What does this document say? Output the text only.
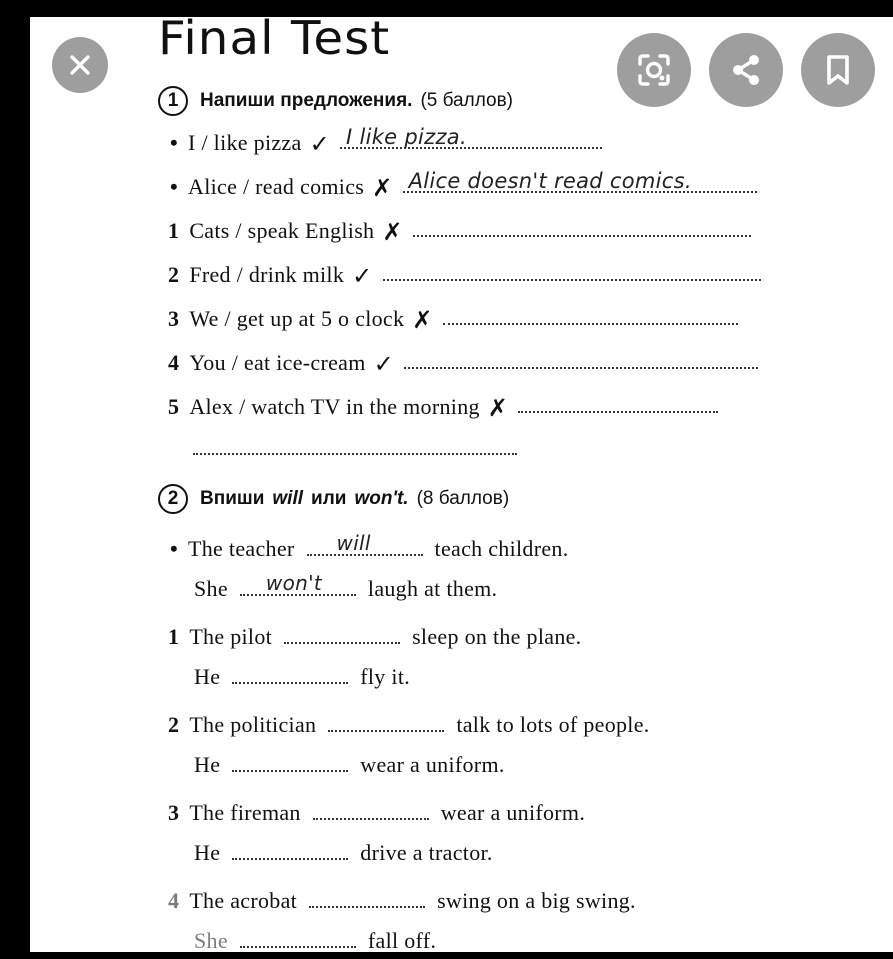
Final Test
1	Напиши предложения. (5 баллов)
• I / like pizza ✓ I like pizza.
• Alice / read comics ✗ Alice doesn't read comics.
1 Cats / speak English ✗
2 Fred / drink milk ✓
3 We / get up at 5 o clock ✗
4 You / eat ice-cream ✓
5 Alex / watch TV in the morning ✗
2	Впиши will или won't. (8 баллов)
• The teacher will	teach children.
She won't laugh at them.
1 The pilot	sleep on the plane.
He	fly it.
2 The politician	talk to lots of people.
He	wear a uniform.
3 The fireman	wear a uniform.
He	drive a tractor.
4 The acrobat	swing on a big swing.
She	fall off.
